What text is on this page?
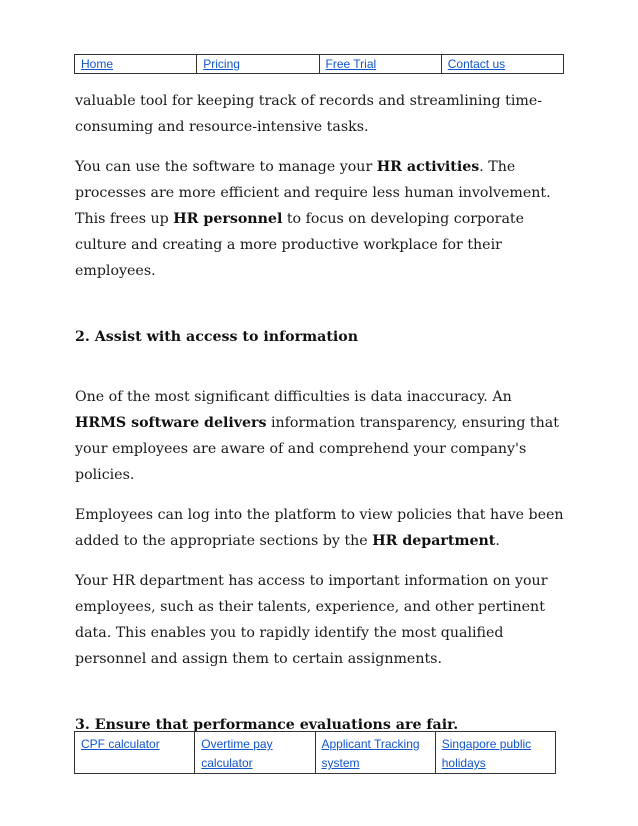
Home	Pricing	Free Trial	Contact us

valuable tool for keeping track of records and streamlining time-consuming and resource-intensive tasks.

You can use the software to manage your HR activities. The processes are more efficient and require less human involvement. This frees up HR personnel to focus on developing corporate culture and creating a more productive workplace for their employees.

2. Assist with access to information

One of the most significant difficulties is data inaccuracy. An HRMS software delivers information transparency, ensuring that your employees are aware of and comprehend your company's policies.

Employees can log into the platform to view policies that have been added to the appropriate sections by the HR department.

Your HR department has access to important information on your employees, such as their talents, experience, and other pertinent data. This enables you to rapidly identify the most qualified personnel and assign them to certain assignments.

3. Ensure that performance evaluations are fair.
CPF calculator	Overtime pay calculator	Applicant Tracking system	Singapore public holidays
